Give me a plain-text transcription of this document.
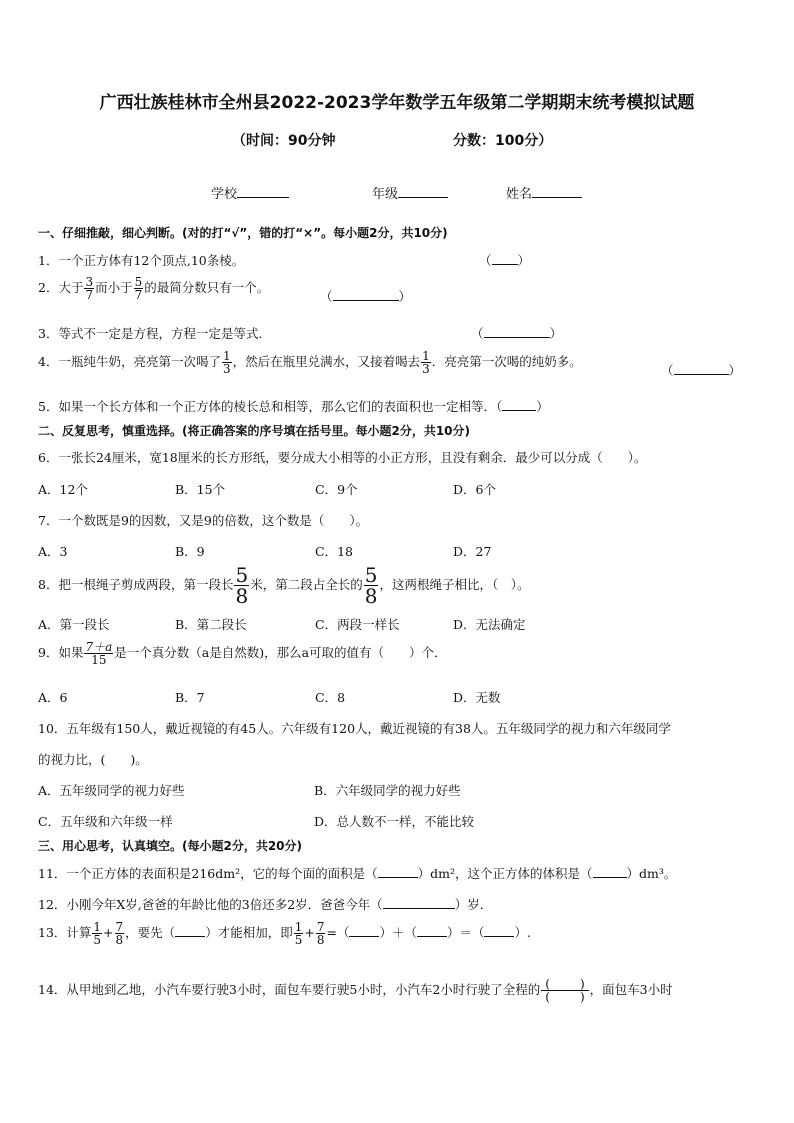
广西壮族桂林市全州县2022-2023学年数学五年级第二学期期末统考模拟试题
（时间：90分钟	分数：100分）
学校	年级	姓名
一、仔细推敲，细心判断。(对的打“√”，错的打“×”。每小题2分，共10分)
1．一个正方体有12个顶点,10条棱。	（ ）
2．大于 $\frac{3}{7}$ 而小于 $\frac{5}{7}$ 的最简分数只有一个。
（	）
3．等式不一定是方程，方程一定是等式．	（	）
4．一瓶纯牛奶，亮亮第一次喝了 $\frac{1}{3}$ ，然后在瓶里兑满水，又接着喝去 $\frac{1}{3}$ ．亮亮第一次喝的纯奶多。
（	）
5．如果一个长方体和一个正方体的棱长总和相等，那么它们的表面积也一定相等．（	）
二、反复思考，慎重选择。(将正确答案的序号填在括号里。每小题2分，共10分)
6．一张长24厘米，宽18厘米的长方形纸，要分成大小相等的小正方形，且没有剩余．最少可以分成（　　）。
A．12个	B．15个	C．9个	D．6个
7．一个数既是9的因数，又是9的倍数，这个数是（　　）。
A．3	B．9	C．18	D．27
8．把一根绳子剪成两段，第一段长 $\frac{5}{8}$ 米，第二段占全长的 $\frac{5}{8}$ ，这两根绳子相比，（　）。
A．第一段长	B．第二段长	C．两段一样长	D．无法确定
9．如果 $\frac{7+a}{15}$ 是一个真分数（a是自然数)，那么a可取的值有（　　）个．
A．6	B．7	C．8	D．无数
10．五年级有150人，戴近视镜的有45人。六年级有120人，戴近视镜的有38人。五年级同学的视力和六年级同学
的视力比，(　　)。
A．五年级同学的视力好些	B．六年级同学的视力好些
C．五年级和六年级一样	D．总人数不一样，不能比较
三、用心思考，认真填空。(每小题2分，共20分)
11．一个正方体的表面积是216dm²，它的每个面的面积是（	）dm²，这个正方体的体积是（	）dm³。
12．小刚今年X岁,爸爸的年龄比他的3倍还多2岁．爸爸今年（	）岁．
13．计算 $\frac{1}{5} + \frac{7}{8}$ ，要先（ ）才能相加，即 $\frac{1}{5} + \frac{7}{8}$ =（ ）＋（ ）＝（ ）.
14．从甲地到乙地，小汽车要行驶3小时，面包车要行驶5小时，小汽车2小时行驶了全程的 (	)
(	) ，面包车3小时
